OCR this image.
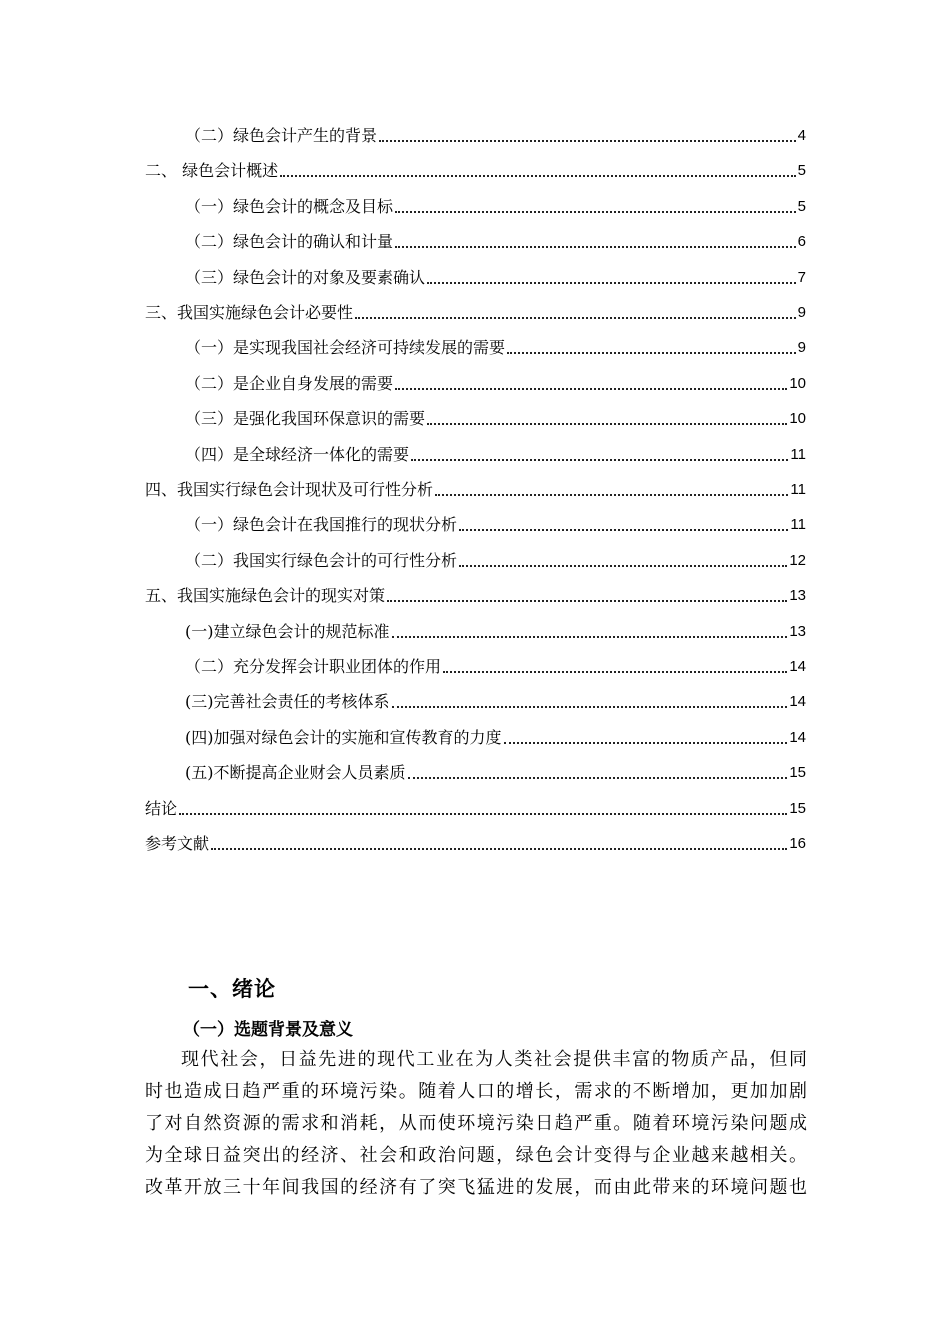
（二）绿色会计产生的背景	4
二、 绿色会计概述	5
（一）绿色会计的概念及目标	5
（二）绿色会计的确认和计量	6
（三）绿色会计的对象及要素确认	7
三、我国实施绿色会计必要性	9
（一）是实现我国社会经济可持续发展的需要	9
（二）是企业自身发展的需要	10
（三）是强化我国环保意识的需要	10
（四）是全球经济一体化的需要	11
四、我国实行绿色会计现状及可行性分析	11
（一）绿色会计在我国推行的现状分析	11
（二）我国实行绿色会计的可行性分析	12
五、我国实施绿色会计的现实对策	13
(一)建立绿色会计的规范标准	13
（二）充分发挥会计职业团体的作用	14
(三)完善社会责任的考核体系	14
(四)加强对绿色会计的实施和宣传教育的力度	14
(五)不断提高企业财会人员素质	15
结论	15
参考文献	16
一、绪论
（一）选题背景及意义
现代社会，日益先进的现代工业在为人类社会提供丰富的物质产品，但同
时也造成日趋严重的环境污染。随着人口的增长，需求的不断增加，更加加剧
了对自然资源的需求和消耗，从而使环境污染日趋严重。随着环境污染问题成
为全球日益突出的经济、社会和政治问题，绿色会计变得与企业越来越相关。
改革开放三十年间我国的经济有了突飞猛进的发展，而由此带来的环境问题也
